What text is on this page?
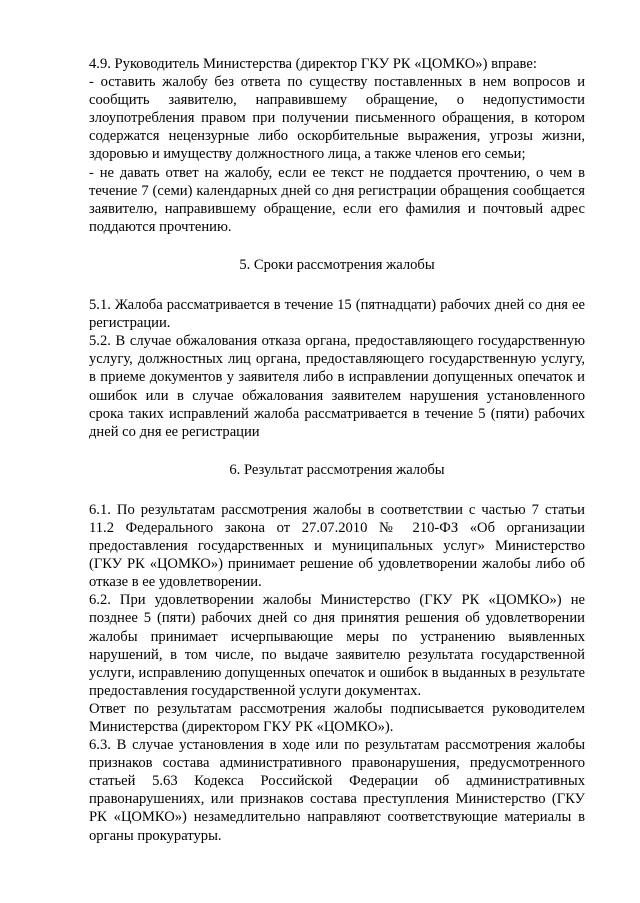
4.9. Руководитель Министерства (директор ГКУ РК «ЦОМКО») вправе:

- оставить жалобу без ответа по существу поставленных в нем вопросов и сообщить заявителю, направившему обращение, о недопустимости злоупотребления правом при получении письменного обращения, в котором содержатся нецензурные либо оскорбительные выражения, угрозы жизни, здоровью и имуществу должностного лица, а также членов его семьи;

- не давать ответ на жалобу, если ее текст не поддается прочтению, о чем в течение 7 (семи) календарных дней со дня регистрации обращения сообщается заявителю, направившему обращение, если его фамилия и почтовый адрес поддаются прочтению.

5. Сроки рассмотрения жалобы

5.1. Жалоба рассматривается в течение 15 (пятнадцати) рабочих дней со дня ее регистрации.

5.2. В случае обжалования отказа органа, предоставляющего государственную услугу, должностных лиц органа, предоставляющего государственную услугу, в приеме документов у заявителя либо в исправлении допущенных опечаток и ошибок или в случае обжалования заявителем нарушения установленного срока таких исправлений жалоба рассматривается в течение 5 (пяти) рабочих дней со дня ее регистрации

6. Результат рассмотрения жалобы

6.1. По результатам рассмотрения жалобы в соответствии с частью 7 статьи 11.2 Федерального закона от 27.07.2010 № 210-ФЗ «Об организации предоставления государственных и муниципальных услуг» Министерство (ГКУ РК «ЦОМКО») принимает решение об удовлетворении жалобы либо об отказе в ее удовлетворении.

6.2. При удовлетворении жалобы Министерство (ГКУ РК «ЦОМКО») не позднее 5 (пяти) рабочих дней со дня принятия решения об удовлетворении жалобы принимает исчерпывающие меры по устранению выявленных нарушений, в том числе, по выдаче заявителю результата государственной услуги, исправлению допущенных опечаток и ошибок в выданных в результате предоставления государственной услуги документах.

Ответ по результатам рассмотрения жалобы подписывается руководителем Министерства (директором ГКУ РК «ЦОМКО»).

6.3. В случае установления в ходе или по результатам рассмотрения жалобы признаков состава административного правонарушения, предусмотренного статьей 5.63 Кодекса Российской Федерации об административных правонарушениях, или признаков состава преступления Министерство (ГКУ РК «ЦОМКО») незамедлительно направляют соответствующие материалы в органы прокуратуры.
